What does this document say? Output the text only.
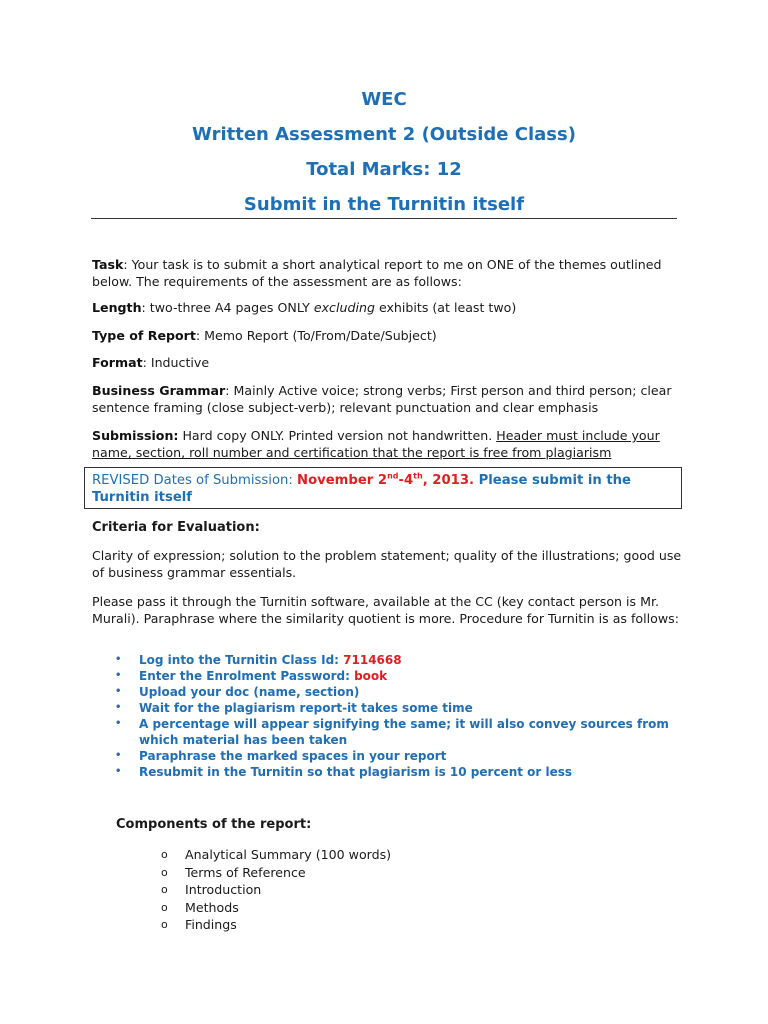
WEC
Written Assessment 2 (Outside Class)
Total Marks: 12
Submit in the Turnitin itself
Task: Your task is to submit a short analytical report to me on ONE of the themes outlined below. The requirements of the assessment are as follows:
Length: two-three A4 pages ONLY excluding exhibits (at least two)
Type of Report: Memo Report (To/From/Date/Subject)
Format: Inductive
Business Grammar: Mainly Active voice; strong verbs; First person and third person; clear sentence framing (close subject-verb); relevant punctuation and clear emphasis
Submission: Hard copy ONLY. Printed version not handwritten. Header must include your name, section, roll number and certification that the report is free from plagiarism
REVISED Dates of Submission: November 2nd-4th, 2013. Please submit in the Turnitin itself
Criteria for Evaluation:
Clarity of expression; solution to the problem statement; quality of the illustrations; good use of business grammar essentials.
Please pass it through the Turnitin software, available at the CC (key contact person is Mr. Murali). Paraphrase where the similarity quotient is more. Procedure for Turnitin is as follows:
• Log into the Turnitin Class Id: 7114668
• Enter the Enrolment Password: book
• Upload your doc (name, section)
• Wait for the plagiarism report-it takes some time
• A percentage will appear signifying the same; it will also convey sources from which material has been taken
• Paraphrase the marked spaces in your report
• Resubmit in the Turnitin so that plagiarism is 10 percent or less
Components of the report:
o Analytical Summary (100 words)
o Terms of Reference
o Introduction
o Methods
o Findings
